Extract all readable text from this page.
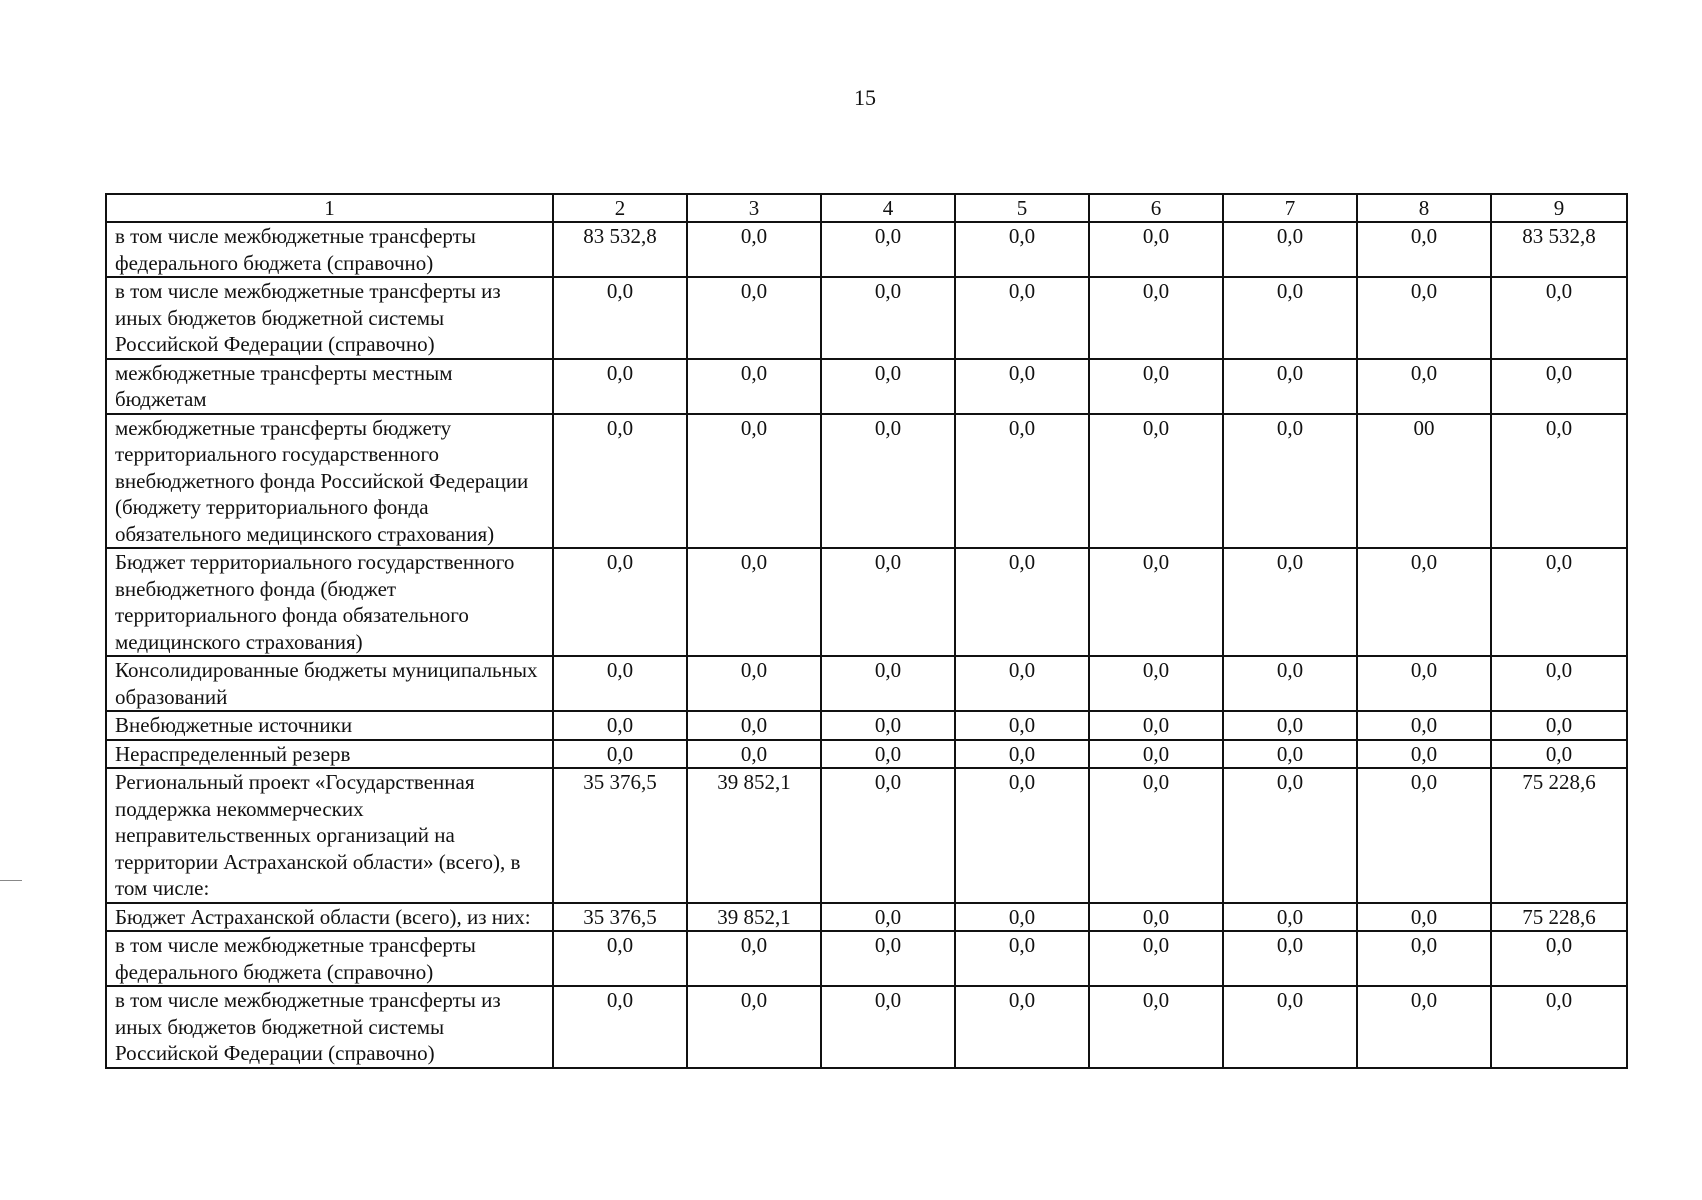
15
1	2	3	4	5	6	7	8	9
в том числе межбюджетные трансферты федерального бюджета (справочно)	83 532,8	0,0	0,0	0,0	0,0	0,0	0,0	83 532,8
в том числе межбюджетные трансферты из иных бюджетов бюджетной системы Российской Федерации (справочно)	0,0	0,0	0,0	0,0	0,0	0,0	0,0	0,0
межбюджетные трансферты местным бюджетам	0,0	0,0	0,0	0,0	0,0	0,0	0,0	0,0
межбюджетные трансферты бюджету территориального государственного внебюджетного фонда Российской Федерации (бюджету территориального фонда обязательного медицинского страхования)	0,0	0,0	0,0	0,0	0,0	0,0	00	0,0
Бюджет территориального государственного внебюджетного фонда (бюджет территориального фонда обязательного медицинского страхования)	0,0	0,0	0,0	0,0	0,0	0,0	0,0	0,0
Консолидированные бюджеты муниципальных образований	0,0	0,0	0,0	0,0	0,0	0,0	0,0	0,0
Внебюджетные источники	0,0	0,0	0,0	0,0	0,0	0,0	0,0	0,0
Нераспределенный резерв	0,0	0,0	0,0	0,0	0,0	0,0	0,0	0,0
Региональный проект «Государственная поддержка некоммерческих неправительственных организаций на территории Астраханской области» (всего), в том числе:	35 376,5	39 852,1	0,0	0,0	0,0	0,0	0,0	75 228,6
Бюджет Астраханской области (всего), из них:	35 376,5	39 852,1	0,0	0,0	0,0	0,0	0,0	75 228,6
в том числе межбюджетные трансферты федерального бюджета (справочно)	0,0	0,0	0,0	0,0	0,0	0,0	0,0	0,0
в том числе межбюджетные трансферты из иных бюджетов бюджетной системы Российской Федерации (справочно)	0,0	0,0	0,0	0,0	0,0	0,0	0,0	0,0
